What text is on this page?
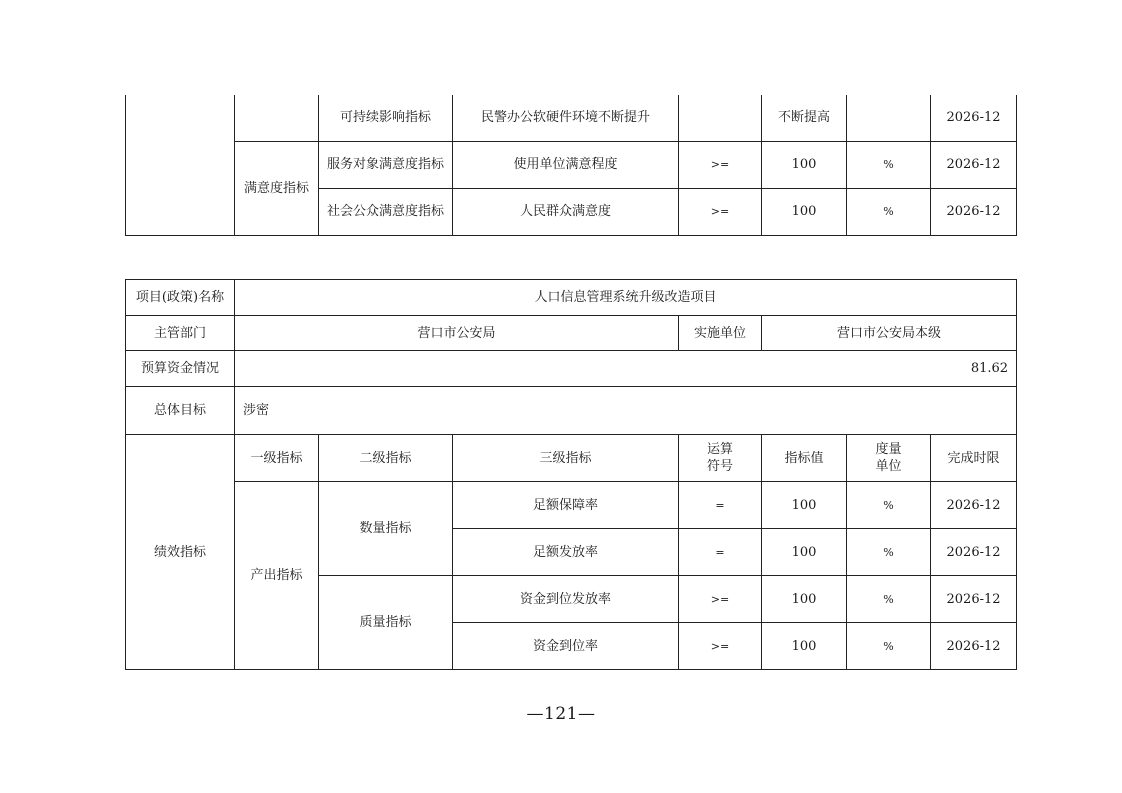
		可持续影响指标	民警办公软硬件环境不断提升		不断提高		2026-12
	满意度指标	服务对象满意度指标	使用单位满意程度	>=	100	%	2026-12
		社会公众满意度指标	人民群众满意度	>=	100	%	2026-12
项目(政策)名称	人口信息管理系统升级改造项目						
主管部门	营口市公安局			实施单位	营口市公安局本级		
预算资金情况	81.62						
总体目标	涉密						
绩效指标	一级指标	二级指标	三级指标	运算符号	指标值	度量单位	完成时限
	产出指标	数量指标	足额保障率	=	100	%	2026-12
			足额发放率	=	100	%	2026-12
		质量指标	资金到位发放率	>=	100	%	2026-12
			资金到位率	>=	100	%	2026-12
—121—
